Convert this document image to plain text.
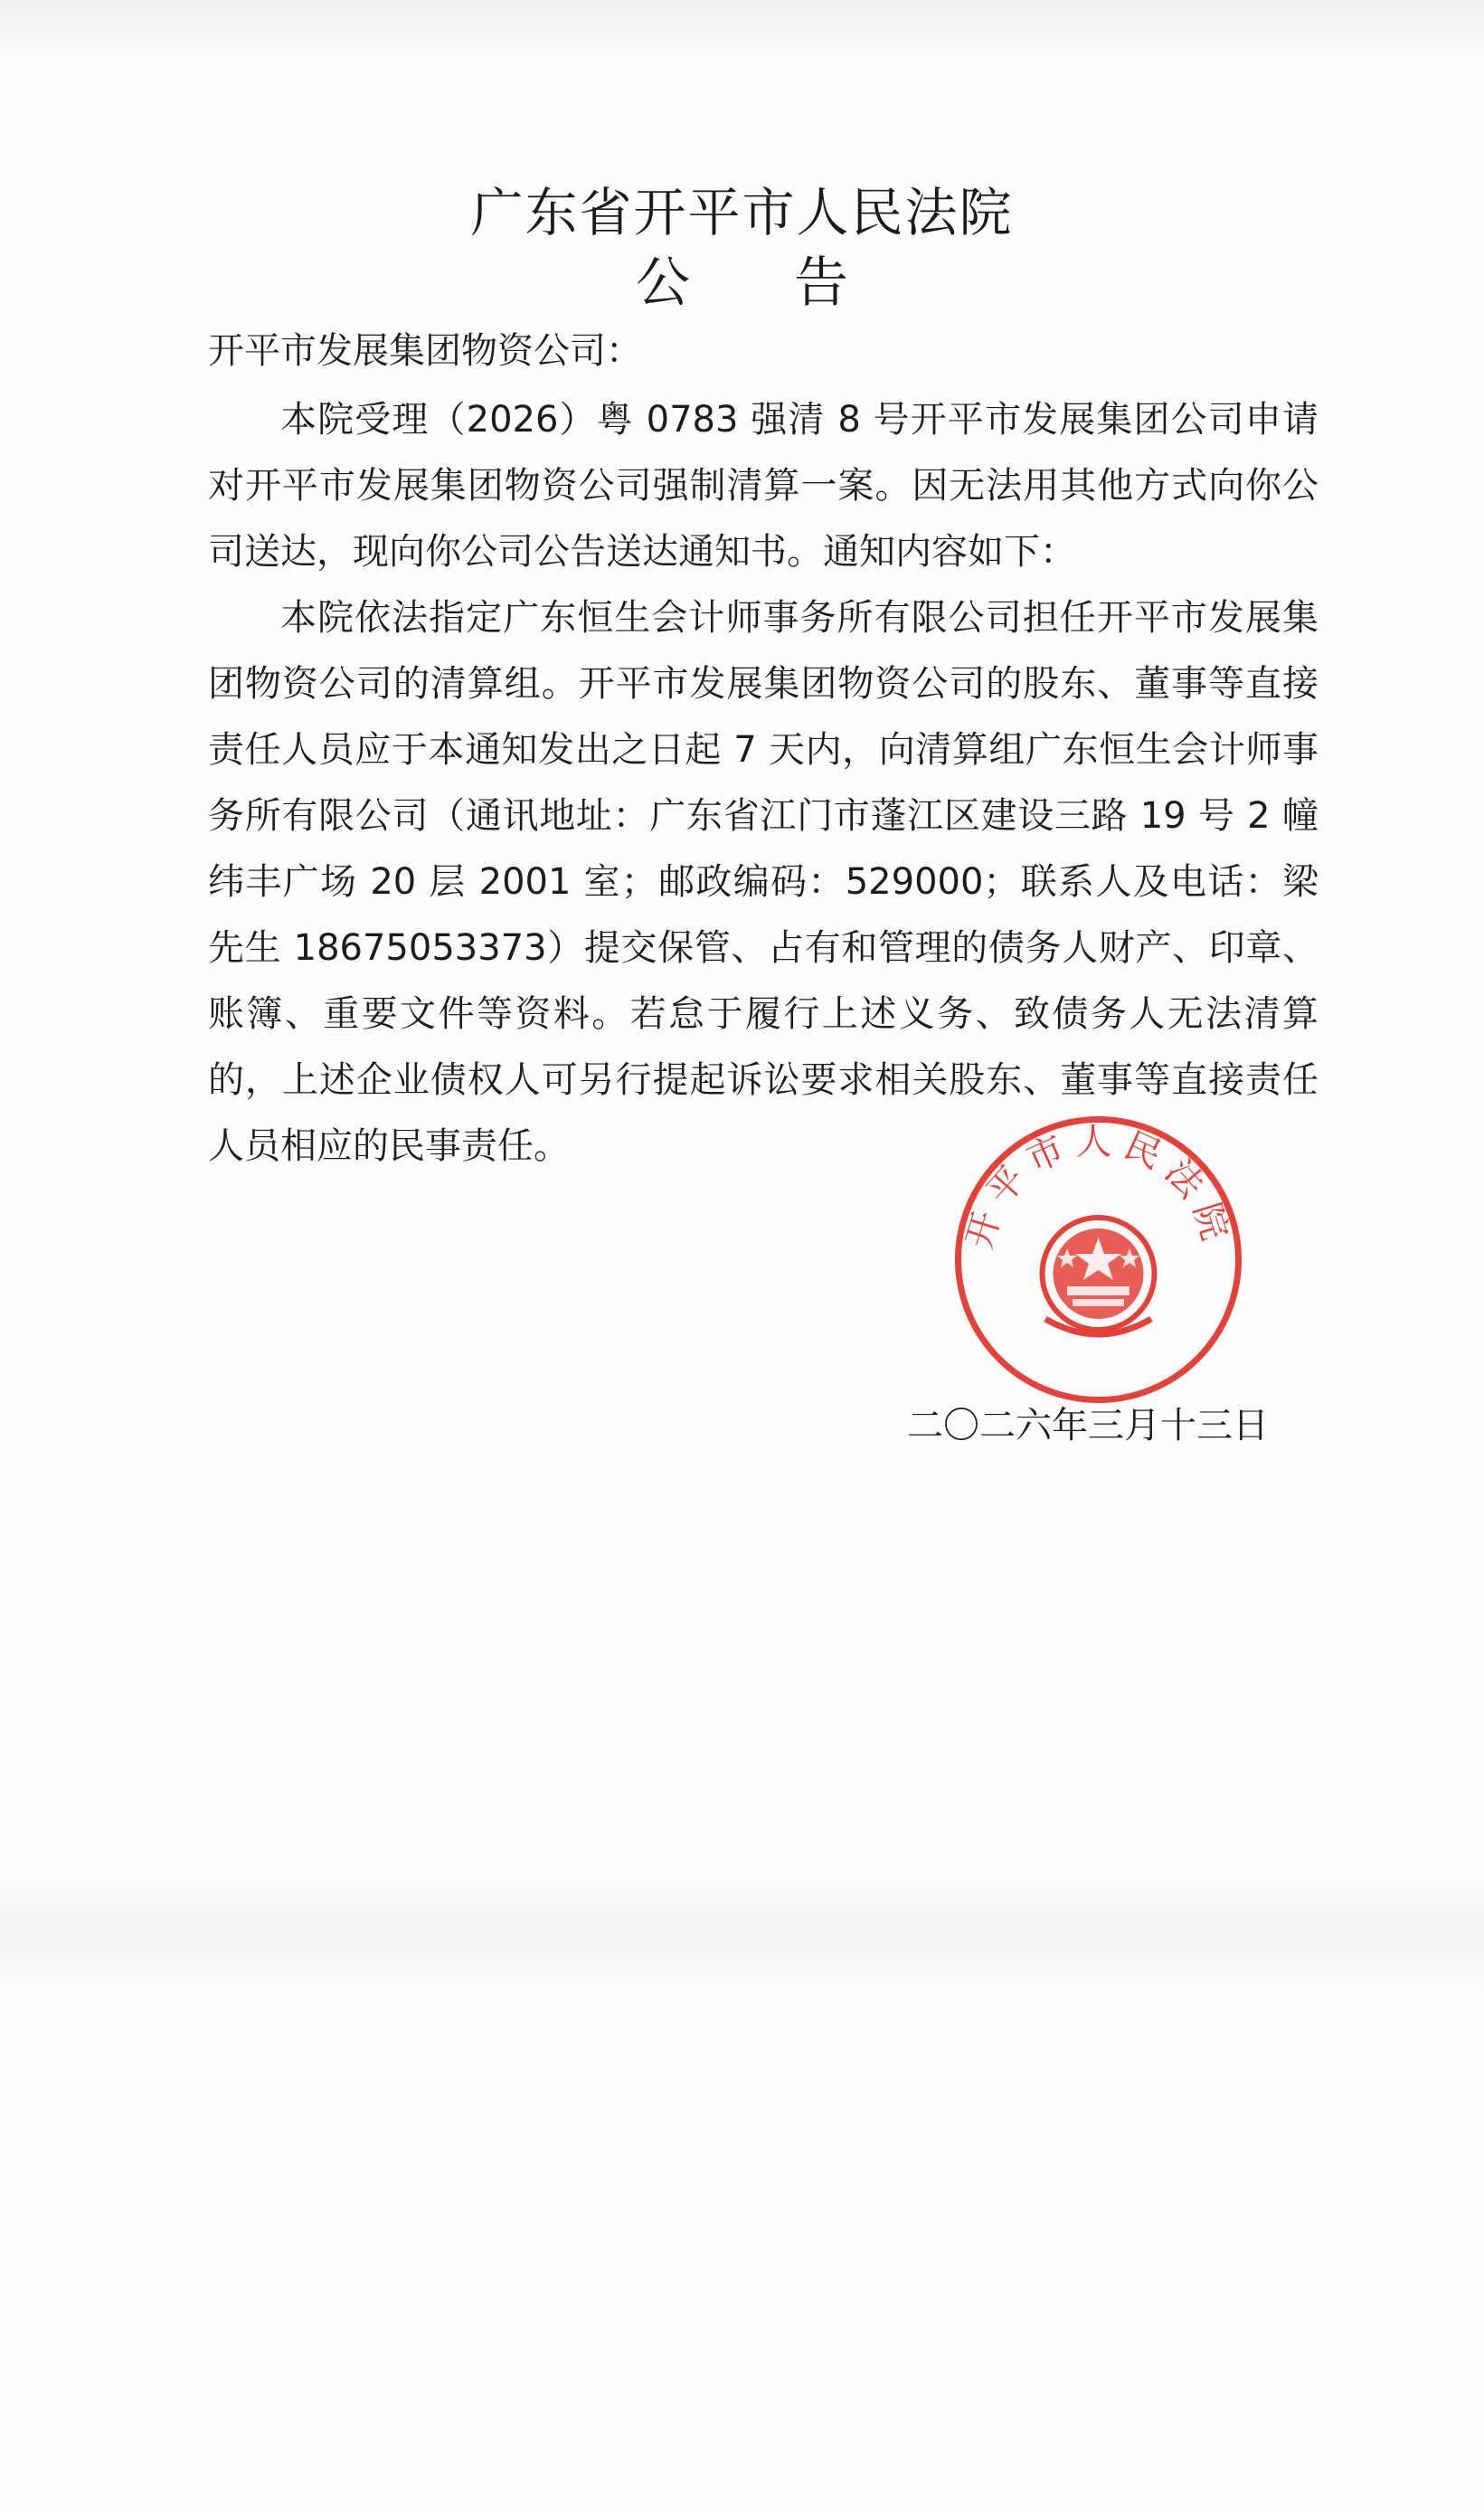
广东省开平市人民法院
公 告

开平市发展集团物资公司：

本院受理（2026）粤 0783 强清 8 号开平市发展集团公司申请对开平市发展集团物资公司强制清算一案。因无法用其他方式向你公司送达，现向你公司公告送达通知书。通知内容如下：

本院依法指定广东恒生会计师事务所有限公司担任开平市发展集团物资公司的清算组。开平市发展集团物资公司的股东、董事等直接责任人员应于本通知发出之日起 7 天内，向清算组广东恒生会计师事务所有限公司（通讯地址：广东省江门市蓬江区建设三路 19 号 2 幢纬丰广场 20 层 2001 室；邮政编码：529000；联系人及电话：梁先生 18675053373）提交保管、占有和管理的债务人财产、印章、账簿、重要文件等资料。若怠于履行上述义务、致债务人无法清算的，上述企业债权人可另行提起诉讼要求相关股东、董事等直接责任人员相应的民事责任。

二〇二六年三月十三日

开平市人民法院
